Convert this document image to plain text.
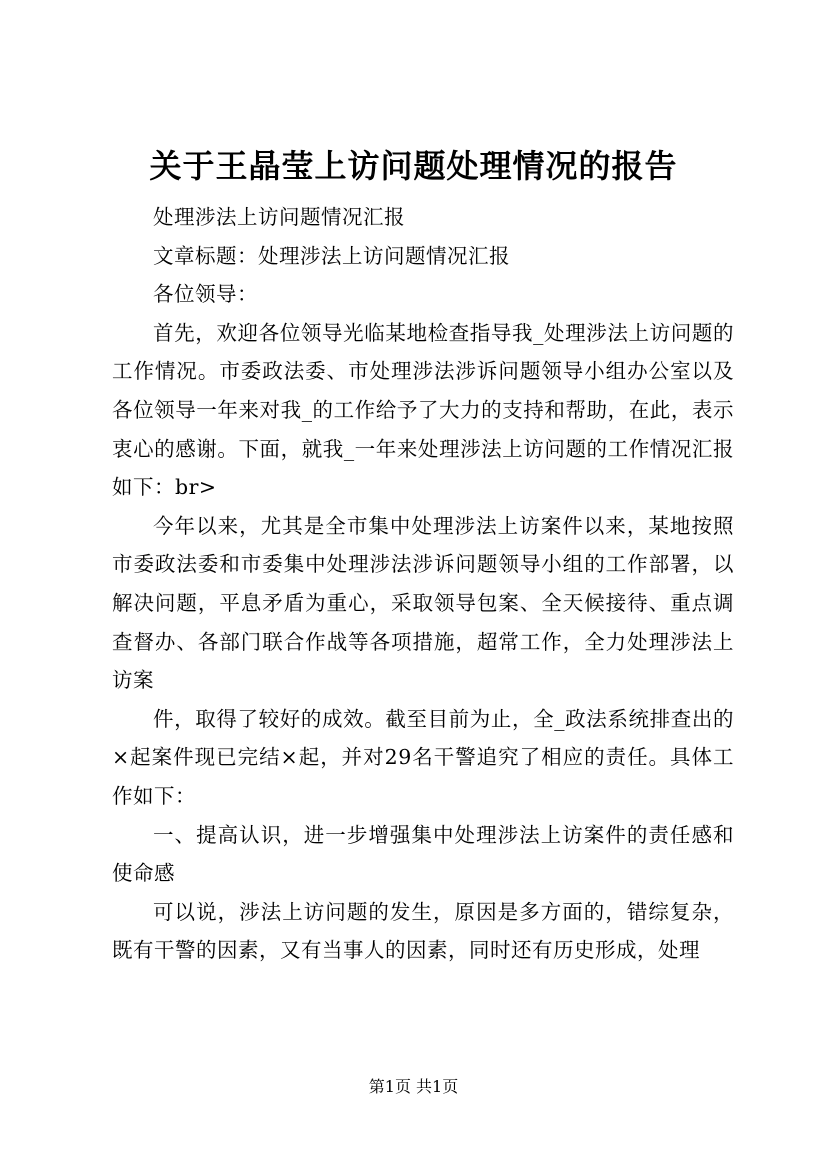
关于王晶莹上访问题处理情况的报告

处理涉法上访问题情况汇报

文章标题：处理涉法上访问题情况汇报

各位领导：

首先，欢迎各位领导光临某地检查指导我_处理涉法上访问题的工作情况。市委政法委、市处理涉法涉诉问题领导小组办公室以及各位领导一年来对我_的工作给予了大力的支持和帮助，在此，表示衷心的感谢。下面，就我_一年来处理涉法上访问题的工作情况汇报如下：br>

今年以来，尤其是全市集中处理涉法上访案件以来，某地按照市委政法委和市委集中处理涉法涉诉问题领导小组的工作部署，以解决问题，平息矛盾为重心，采取领导包案、全天候接待、重点调查督办、各部门联合作战等各项措施，超常工作，全力处理涉法上访案

件，取得了较好的成效。截至目前为止，全_政法系统排查出的×起案件现已完结×起，并对29名干警追究了相应的责任。具体工作如下：

一、提高认识，进一步增强集中处理涉法上访案件的责任感和使命感

可以说，涉法上访问题的发生，原因是多方面的，错综复杂，既有干警的因素，又有当事人的因素，同时还有历史形成，处理

第1页 共1页
